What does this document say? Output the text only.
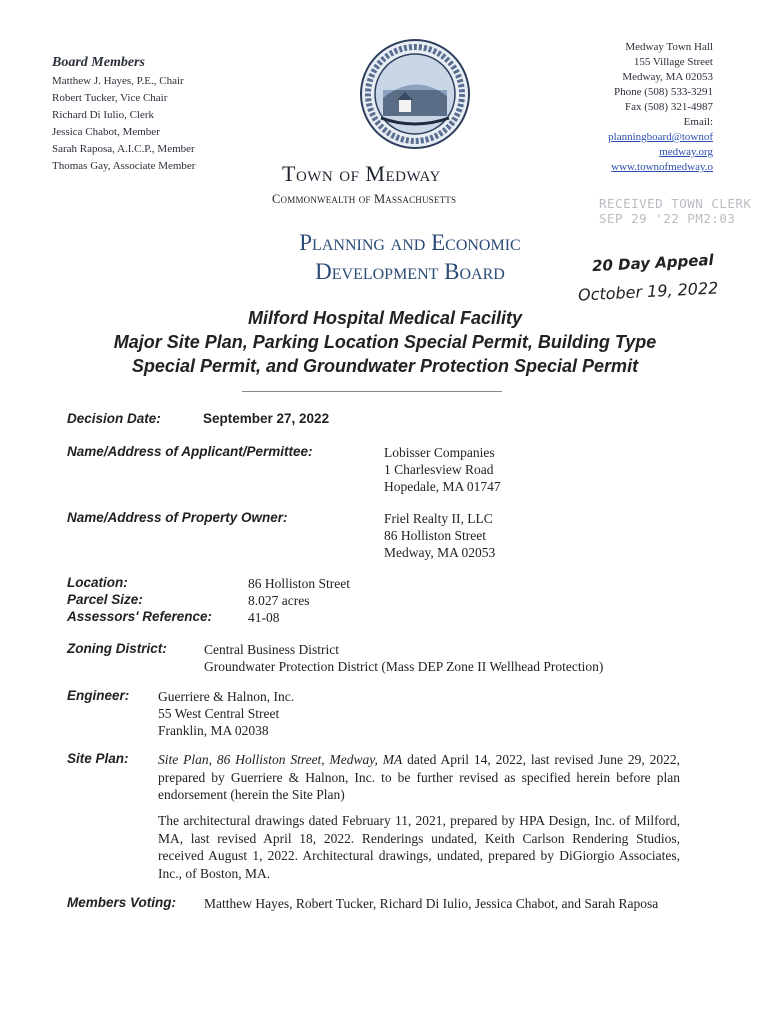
Board Members
Matthew J. Hayes, P.E., Chair
Robert Tucker, Vice Chair
Richard Di Iulio, Clerk
Jessica Chabot, Member
Sarah Raposa, A.I.C.P., Member
Thomas Gay, Associate Member	Town of Medway
Commonwealth of Massachusetts
Planning and Economic
Development Board
Medway Town Hall
155 Village Street
Medway, MA 02053
Phone (508) 533-3291
Fax (508) 321-4987
Email:
planningboard@townof
medway.org
www.townofmedway.o
RECEIVED TOWN CLERK
SEP 29 '22 PM2:03
20 Day Appeal
October 19, 2022
Milford Hospital Medical Facility
Major Site Plan, Parking Location Special Permit, Building Type
Special Permit, and Groundwater Protection Special Permit
Decision Date:	September 27, 2022
Name/Address of Applicant/Permittee:	Lobisser Companies
1 Charlesview Road
Hopedale, MA 01747
Name/Address of Property Owner:	Friel Realty II, LLC
86 Holliston Street
Medway, MA 02053
Location:	86 Holliston Street
Parcel Size:	8.027 acres
Assessors' Reference:	41-08
Zoning District:	Central Business District
Groundwater Protection District (Mass DEP Zone II Wellhead Protection)
Engineer: Guerriere & Halnon, Inc.
55 West Central Street
Franklin, MA 02038
Site Plan: Site Plan, 86 Holliston Street, Medway, MA dated April 14, 2022, last revised June 29, 2022, prepared by Guerriere & Halnon, Inc. to be further revised as specified herein before plan endorsement (herein the Site Plan)
The architectural drawings dated February 11, 2021, prepared by HPA Design, Inc. of Milford, MA, last revised April 18, 2022. Renderings undated, Keith Carlson Rendering Studios, received August 1, 2022. Architectural drawings, undated, prepared by DiGiorgio Associates, Inc., of Boston, MA.
Members Voting: Matthew Hayes, Robert Tucker, Richard Di Iulio, Jessica Chabot, and Sarah Raposa
